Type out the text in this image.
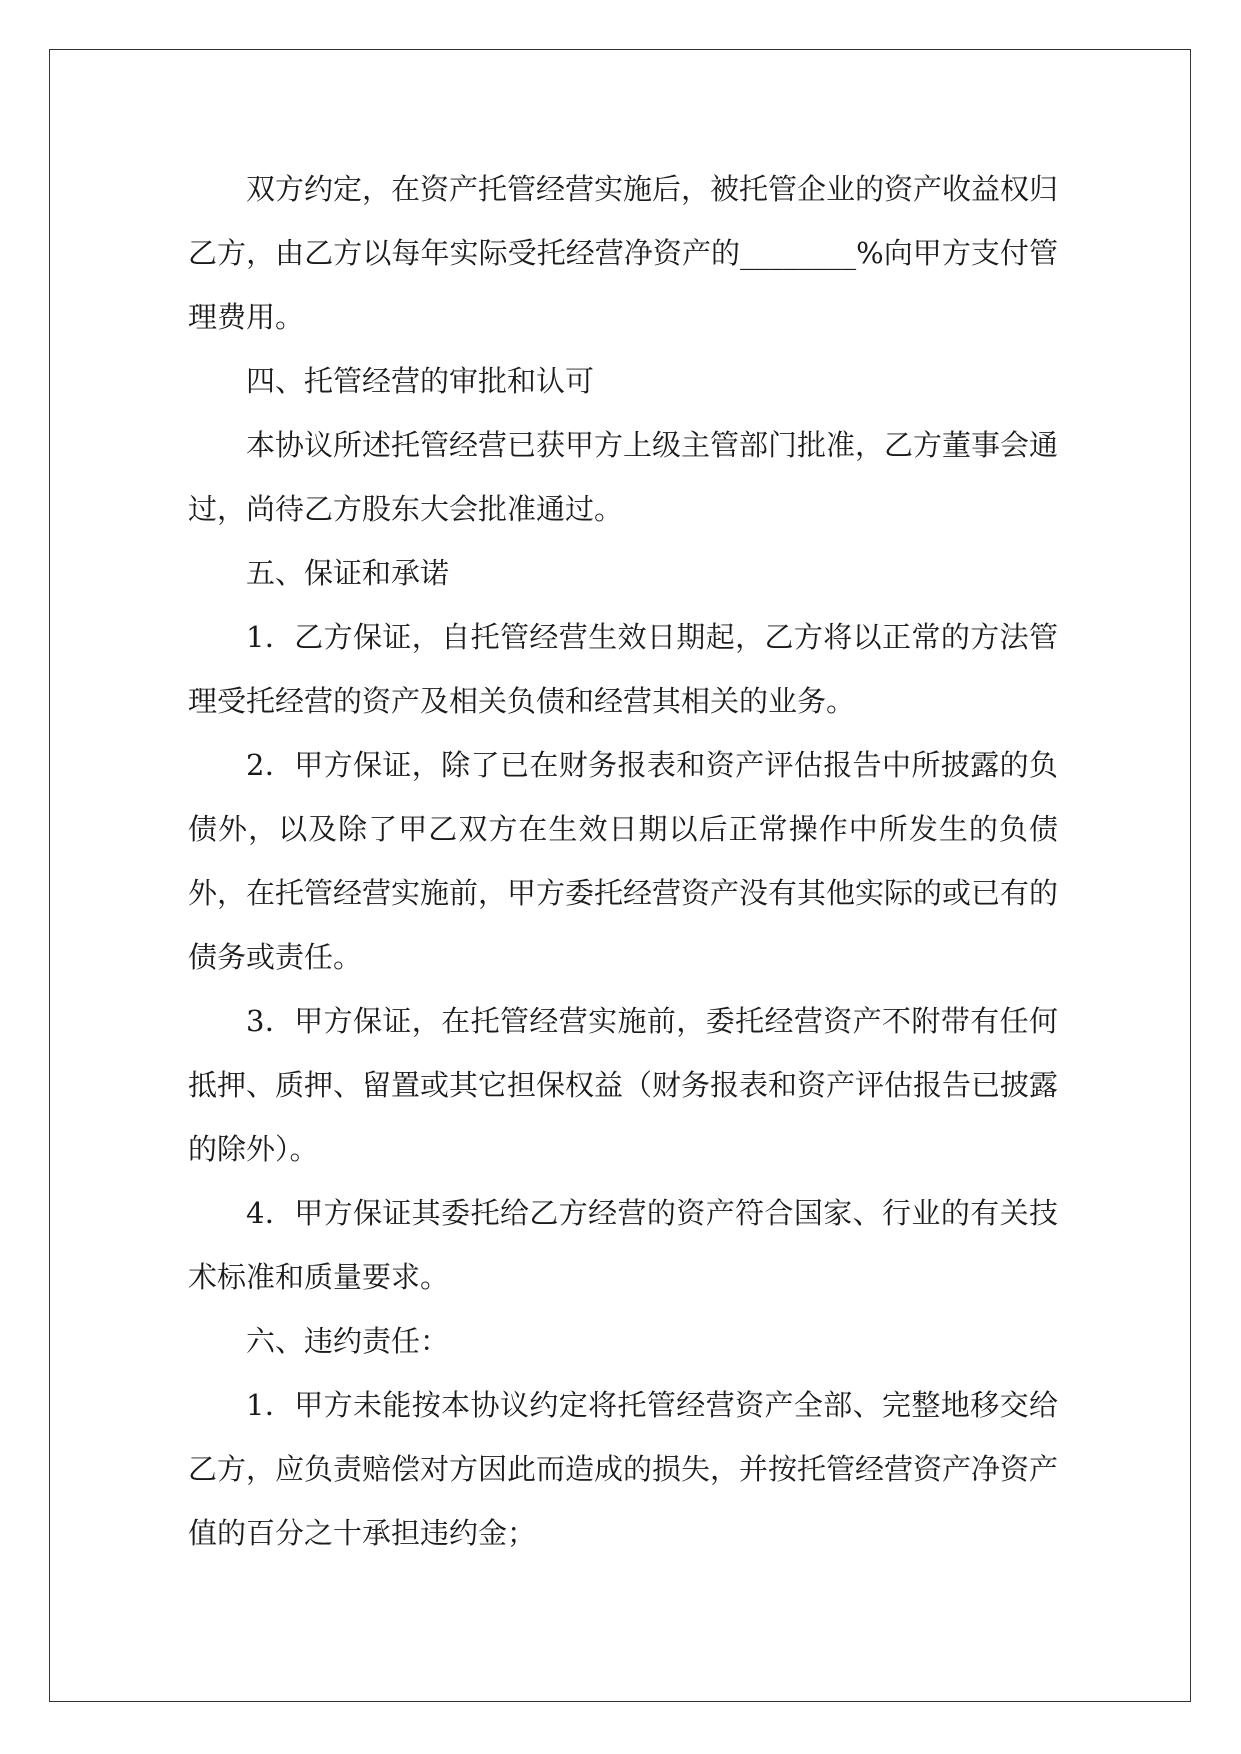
双方约定，在资产托管经营实施后，被托管企业的资产收益权归乙方，由乙方以每年实际受托经营净资产的________%向甲方支付管理费用。

四、托管经营的审批和认可

本协议所述托管经营已获甲方上级主管部门批准，乙方董事会通过，尚待乙方股东大会批准通过。

五、保证和承诺

1．乙方保证，自托管经营生效日期起，乙方将以正常的方法管理受托经营的资产及相关负债和经营其相关的业务。

2．甲方保证，除了已在财务报表和资产评估报告中所披露的负债外，以及除了甲乙双方在生效日期以后正常操作中所发生的负债外，在托管经营实施前，甲方委托经营资产没有其他实际的或已有的债务或责任。

3．甲方保证，在托管经营实施前，委托经营资产不附带有任何抵押、质押、留置或其它担保权益（财务报表和资产评估报告已披露的除外）。

4．甲方保证其委托给乙方经营的资产符合国家、行业的有关技术标准和质量要求。

六、违约责任：

1．甲方未能按本协议约定将托管经营资产全部、完整地移交给乙方，应负责赔偿对方因此而造成的损失，并按托管经营资产净资产值的百分之十承担违约金；
